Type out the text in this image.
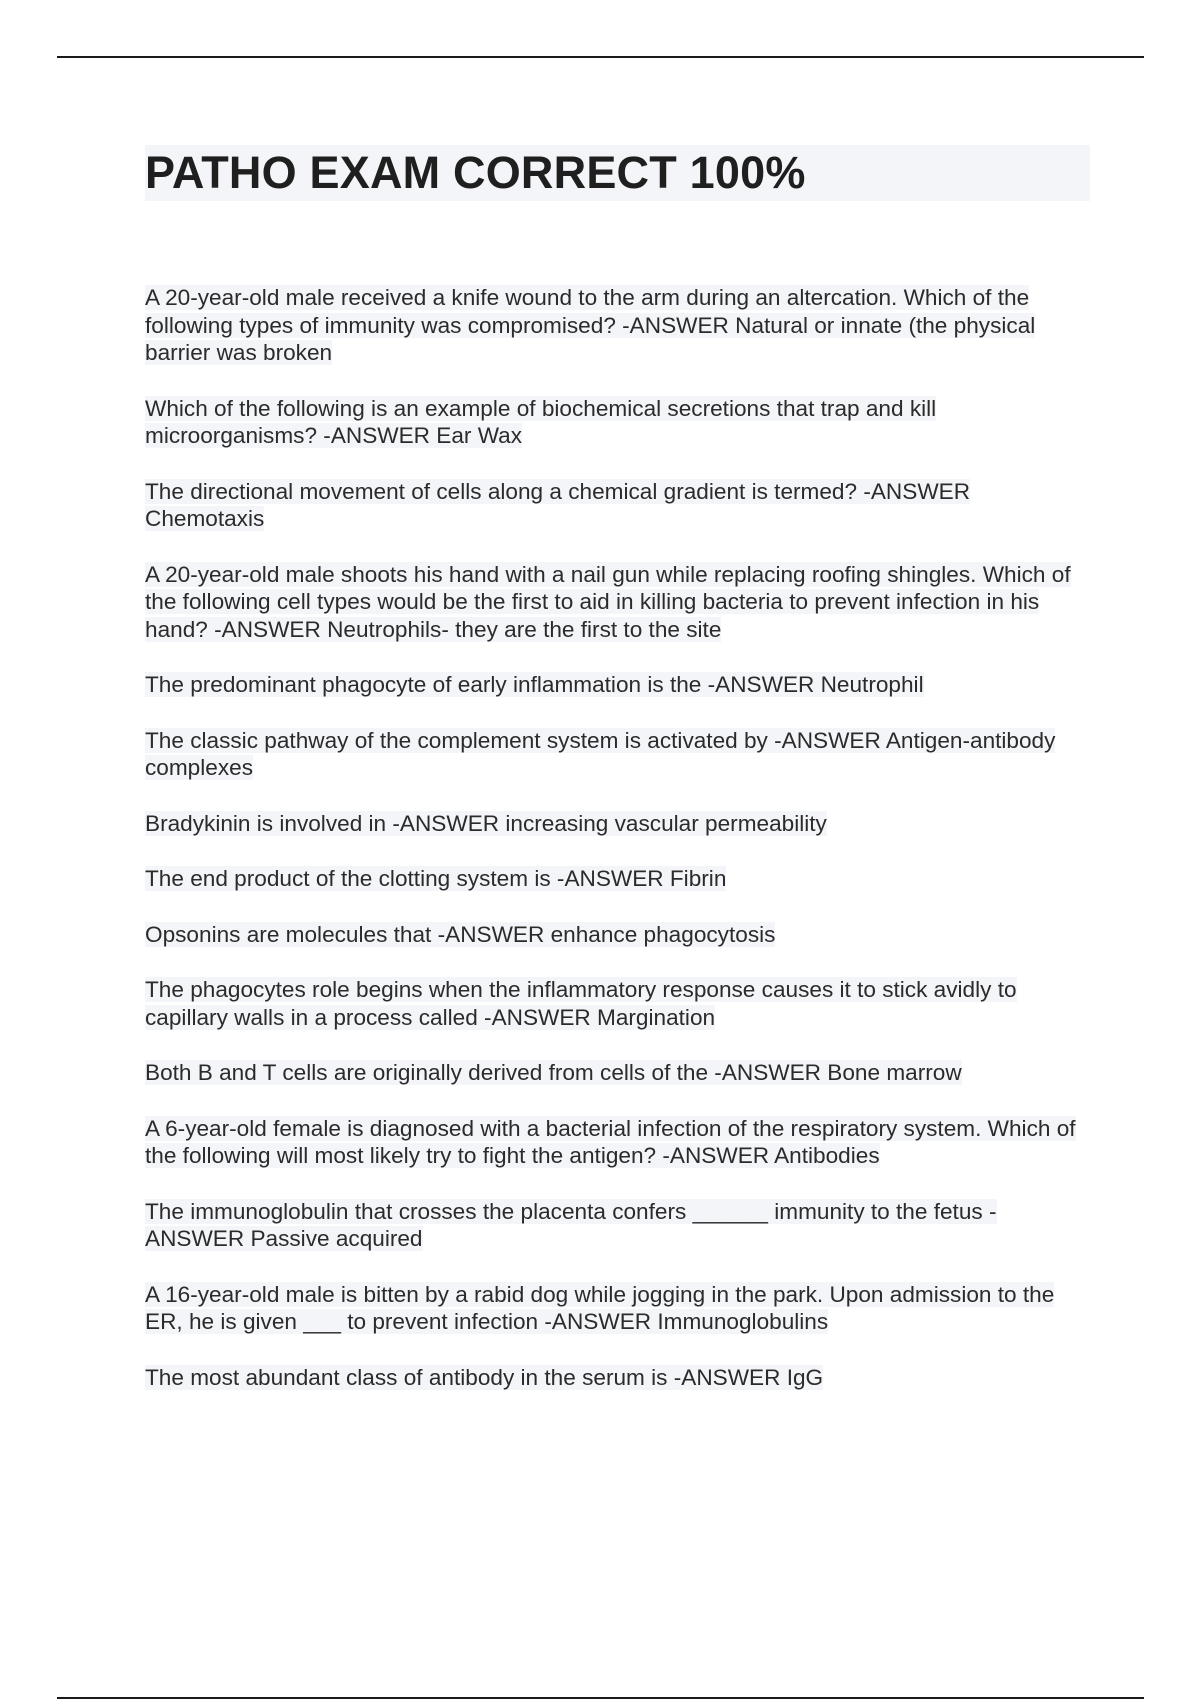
PATHO EXAM CORRECT 100%
A 20-year-old male received a knife wound to the arm during an altercation. Which of the following types of immunity was compromised? -ANSWER Natural or innate (the physical barrier was broken
Which of the following is an example of biochemical secretions that trap and kill microorganisms? -ANSWER Ear Wax
The directional movement of cells along a chemical gradient is termed? -ANSWER Chemotaxis
A 20-year-old male shoots his hand with a nail gun while replacing roofing shingles. Which of the following cell types would be the first to aid in killing bacteria to prevent infection in his hand? -ANSWER Neutrophils- they are the first to the site
The predominant phagocyte of early inflammation is the -ANSWER Neutrophil
The classic pathway of the complement system is activated by -ANSWER Antigen-antibody complexes
Bradykinin is involved in -ANSWER increasing vascular permeability
The end product of the clotting system is -ANSWER Fibrin
Opsonins are molecules that -ANSWER enhance phagocytosis
The phagocytes role begins when the inflammatory response causes it to stick avidly to capillary walls in a process called -ANSWER Margination
Both B and T cells are originally derived from cells of the -ANSWER Bone marrow
A 6-year-old female is diagnosed with a bacterial infection of the respiratory system. Which of the following will most likely try to fight the antigen? -ANSWER Antibodies
The immunoglobulin that crosses the placenta confers ______ immunity to the fetus -ANSWER Passive acquired
A 16-year-old male is bitten by a rabid dog while jogging in the park. Upon admission to the ER, he is given ___ to prevent infection -ANSWER Immunoglobulins
The most abundant class of antibody in the serum is -ANSWER IgG
